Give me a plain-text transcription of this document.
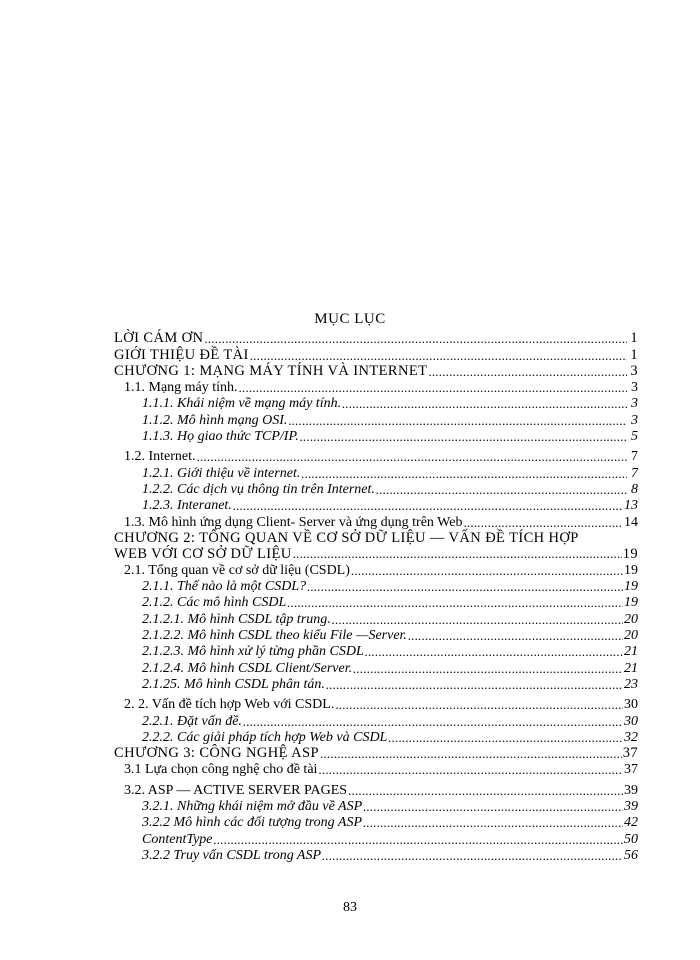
MỤC LỤC
LỜI CÁM ƠN .....	1
GIỚI THIỆU ĐỀ TÀI .....	1
CHƯƠNG 1: MẠNG MÁY TÍNH VÀ INTERNET .....	3
1.1. Mạng máy tính. .....	3
1.1.1. Khái niệm về mạng máy tính. .....	3
1.1.2. Mô hình mạng OSI. .....	3
1.1.3. Họ giao thức TCP/IP. .....	5
1.2. Internet. .....	7
1.2.1. Giới thiệu về internet. .....	7
1.2.2. Các dịch vụ thông tin trên Internet. .....	8
1.2.3. Interanet. .....	13
1.3. Mô hình ứng dụng Client- Server và ứng dụng trên Web .....	14
CHƯƠNG 2: TỔNG QUAN VỀ CƠ SỞ DỮ LIỆU — VẤN ĐỀ TÍCH HỢP
WEB VỚI CƠ SỞ DỮ LIỆU .....	19
2.1. Tổng quan về cơ sở dữ liệu (CSDL) .....	19
2.1.1. Thế nào là một CSDL? .....	19
2.1.2. Các mô hình CSDL .....	19
2.1.2.1. Mô hình CSDL tập trung. .....	20
2.1.2.2. Mô hình CSDL theo kiểu File —Server. .....	20
2.1.2.3. Mô hình xử lý từng phần CSDL .....	21
2.1.2.4. Mô hình CSDL Client/Server. .....	21
2.1.25. Mô hình CSDL phân tán. .....	23
2. 2. Vấn đề tích hợp Web với CSDL. .....	30
2.2.1. Đặt vấn đề. .....	30
2.2.2. Các giải pháp tích hợp Web và CSDL .....	32
CHƯƠNG 3: CÔNG NGHỆ ASP .....	37
3.1 Lựa chọn công nghệ cho đề tài .....	37
3.2. ASP — ACTIVE SERVER PAGES .....	39
3.2.1. Những khái niệm mở đầu về ASP .....	39
3.2.2 Mô hình các đối tượng trong ASP .....	42
ContentType .....	50
3.2.2 Truy vấn CSDL trong ASP .....	56
83
